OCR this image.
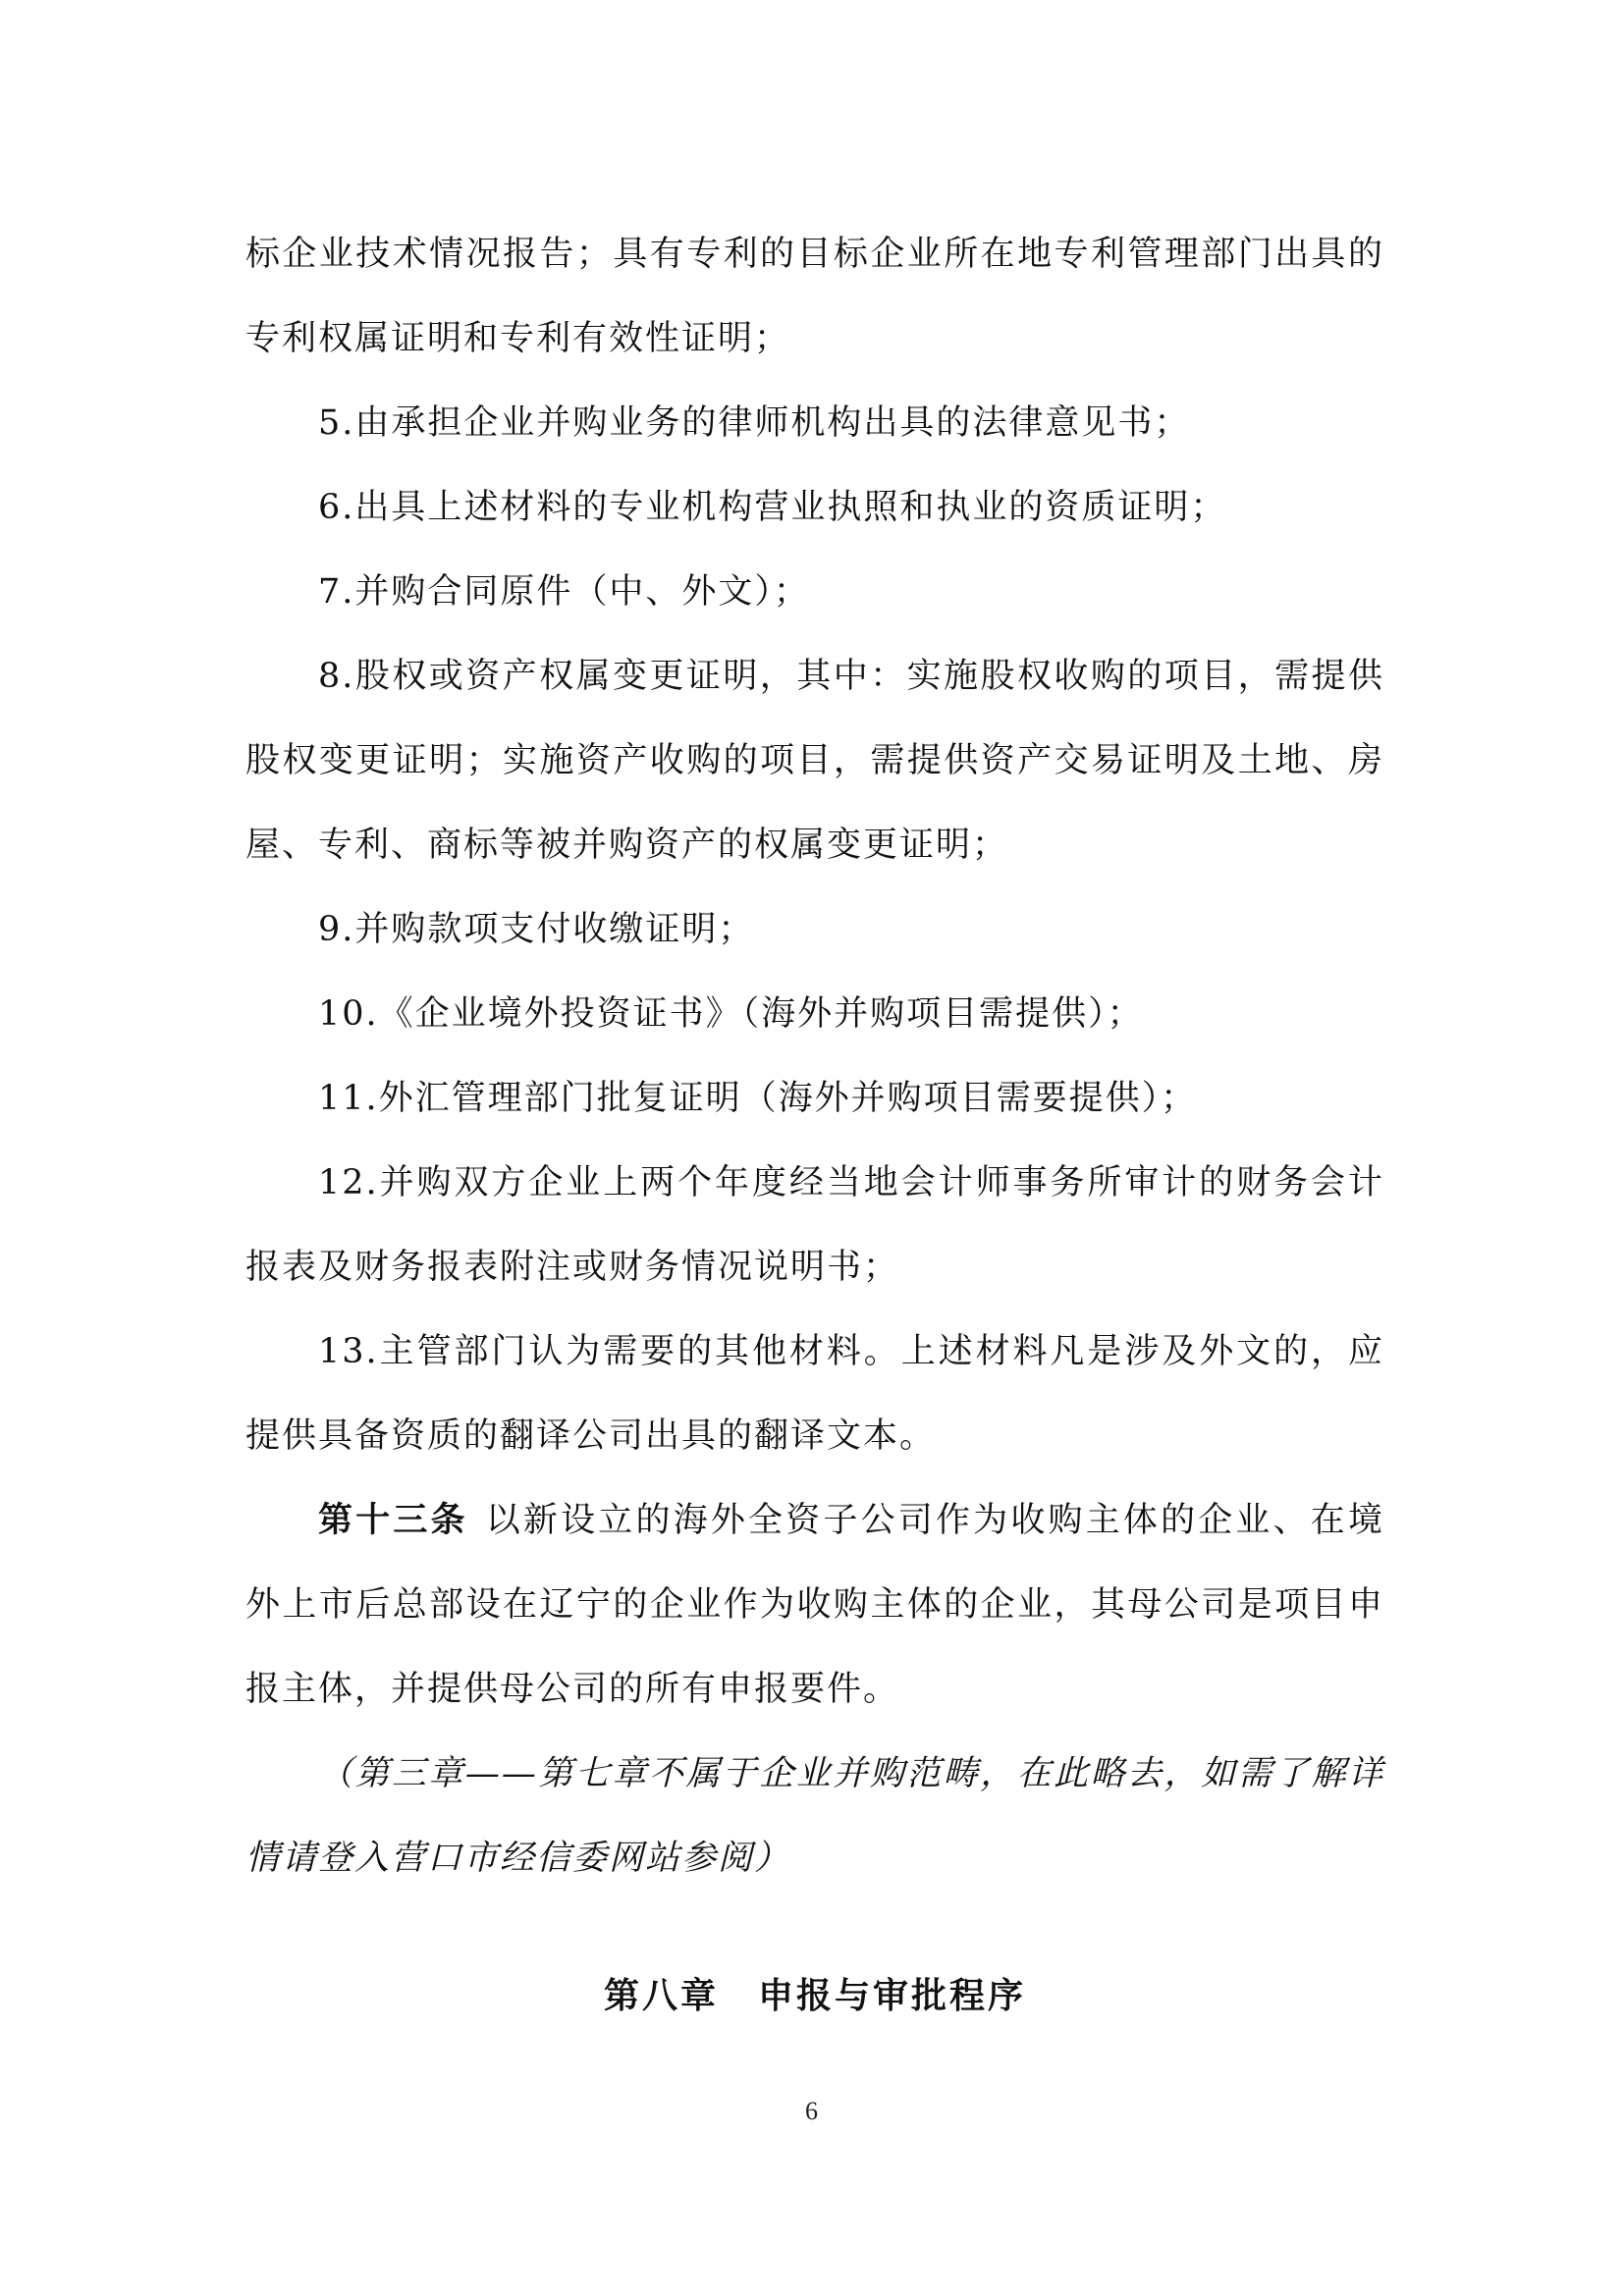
标企业技术情况报告；具有专利的目标企业所在地专利管理部门出具的专利权属证明和专利有效性证明；

5.由承担企业并购业务的律师机构出具的法律意见书；

6.出具上述材料的专业机构营业执照和执业的资质证明；

7.并购合同原件（中、外文）；

8.股权或资产权属变更证明，其中：实施股权收购的项目，需提供股权变更证明；实施资产收购的项目，需提供资产交易证明及土地、房屋、专利、商标等被并购资产的权属变更证明；

9.并购款项支付收缴证明；

10.《企业境外投资证书》（海外并购项目需提供）；

11.外汇管理部门批复证明（海外并购项目需要提供）；

12.并购双方企业上两个年度经当地会计师事务所审计的财务会计报表及财务报表附注或财务情况说明书；

13.主管部门认为需要的其他材料。上述材料凡是涉及外文的，应提供具备资质的翻译公司出具的翻译文本。

第十三条 以新设立的海外全资子公司作为收购主体的企业、在境外上市后总部设在辽宁的企业作为收购主体的企业，其母公司是项目申报主体，并提供母公司的所有申报要件。

（第三章——第七章不属于企业并购范畴，在此略去，如需了解详情请登入营口市经信委网站参阅）

第八章 申报与审批程序
6
